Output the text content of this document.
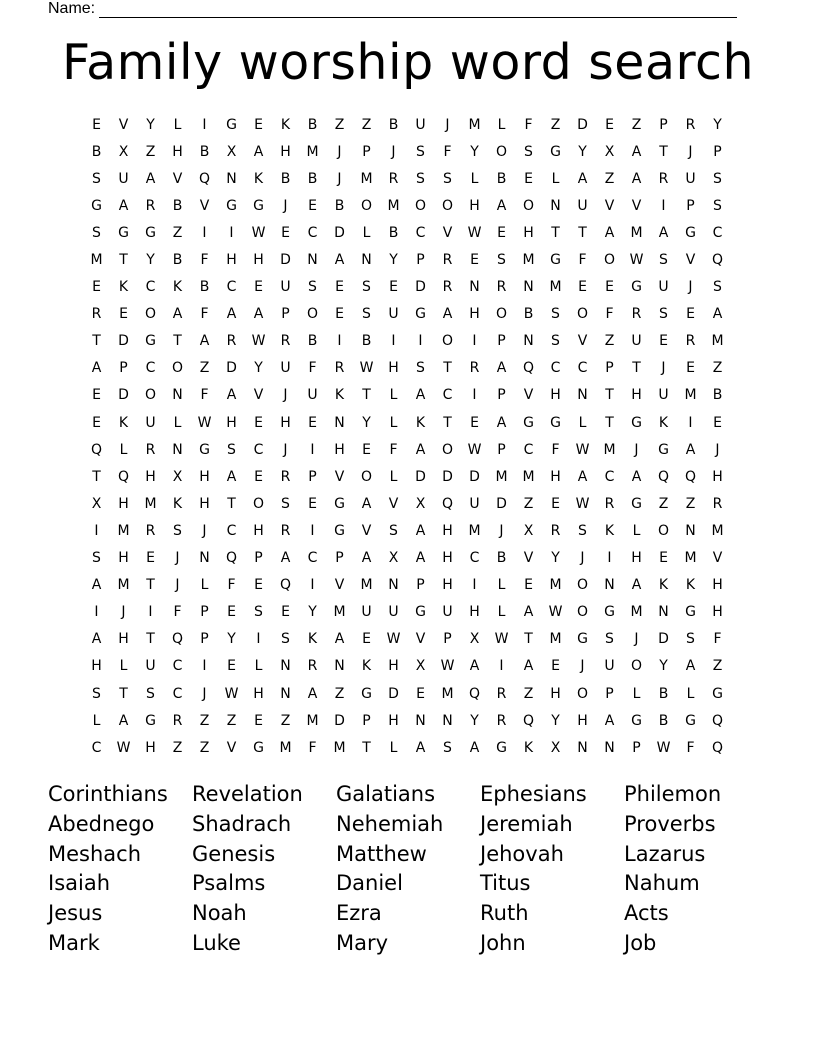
Name:
Family worship word search
E	V	Y	L	I	G	E	K	B	Z	Z	B	U	J	M	L	F	Z	D	E	Z	P	R	Y
B	X	Z	H	B	X	A	H	M	J	P	J	S	F	Y	O	S	G	Y	X	A	T	J	P
S	U	A	V	Q	N	K	B	B	J	M	R	S	S	L	B	E	L	A	Z	A	R	U	S
G	A	R	B	V	G	G	J	E	B	O	M	O	O	H	A	O	N	U	V	V	I	P	S
S	G	G	Z	I	I	W	E	C	D	L	B	C	V	W	E	H	T	T	A	M	A	G	C
M	T	Y	B	F	H	H	D	N	A	N	Y	P	R	E	S	M	G	F	O	W	S	V	Q
E	K	C	K	B	C	E	U	S	E	S	E	D	R	N	R	N	M	E	E	G	U	J	S
R	E	O	A	F	A	A	P	O	E	S	U	G	A	H	O	B	S	O	F	R	S	E	A
T	D	G	T	A	R	W	R	B	I	B	I	I	O	I	P	N	S	V	Z	U	E	R	M
A	P	C	O	Z	D	Y	U	F	R	W	H	S	T	R	A	Q	C	C	P	T	J	E	Z
E	D	O	N	F	A	V	J	U	K	T	L	A	C	I	P	V	H	N	T	H	U	M	B
E	K	U	L	W	H	E	H	E	N	Y	L	K	T	E	A	G	G	L	T	G	K	I	E
Q	L	R	N	G	S	C	J	I	H	E	F	A	O	W	P	C	F	W	M	J	G	A	J
T	Q	H	X	H	A	E	R	P	V	O	L	D	D	D	M	M	H	A	C	A	Q	Q	H
X	H	M	K	H	T	O	S	E	G	A	V	X	Q	U	D	Z	E	W	R	G	Z	Z	R
I	M	R	S	J	C	H	R	I	G	V	S	A	H	M	J	X	R	S	K	L	O	N	M
S	H	E	J	N	Q	P	A	C	P	A	X	A	H	C	B	V	Y	J	I	H	E	M	V
A	M	T	J	L	F	E	Q	I	V	M	N	P	H	I	L	E	M	O	N	A	K	K	H
I	J	I	F	P	E	S	E	Y	M	U	U	G	U	H	L	A	W	O	G	M	N	G	H
A	H	T	Q	P	Y	I	S	K	A	E	W	V	P	X	W	T	M	G	S	J	D	S	F
H	L	U	C	I	E	L	N	R	N	K	H	X	W	A	I	A	E	J	U	O	Y	A	Z
S	T	S	C	J	W	H	N	A	Z	G	D	E	M	Q	R	Z	H	O	P	L	B	L	G
L	A	G	R	Z	Z	E	Z	M	D	P	H	N	N	Y	R	Q	Y	H	A	G	B	G	Q
C	W	H	Z	Z	V	G	M	F	M	T	L	A	S	A	G	K	X	N	N	P	W	F	Q
Corinthians	Revelation	Galatians	Ephesians	Philemon
Abednego	Shadrach	Nehemiah	Jeremiah	Proverbs
Meshach	Genesis	Matthew	Jehovah	Lazarus
Isaiah	Psalms	Daniel	Titus	Nahum
Jesus	Noah	Ezra	Ruth	Acts
Mark	Luke	Mary	John	Job
